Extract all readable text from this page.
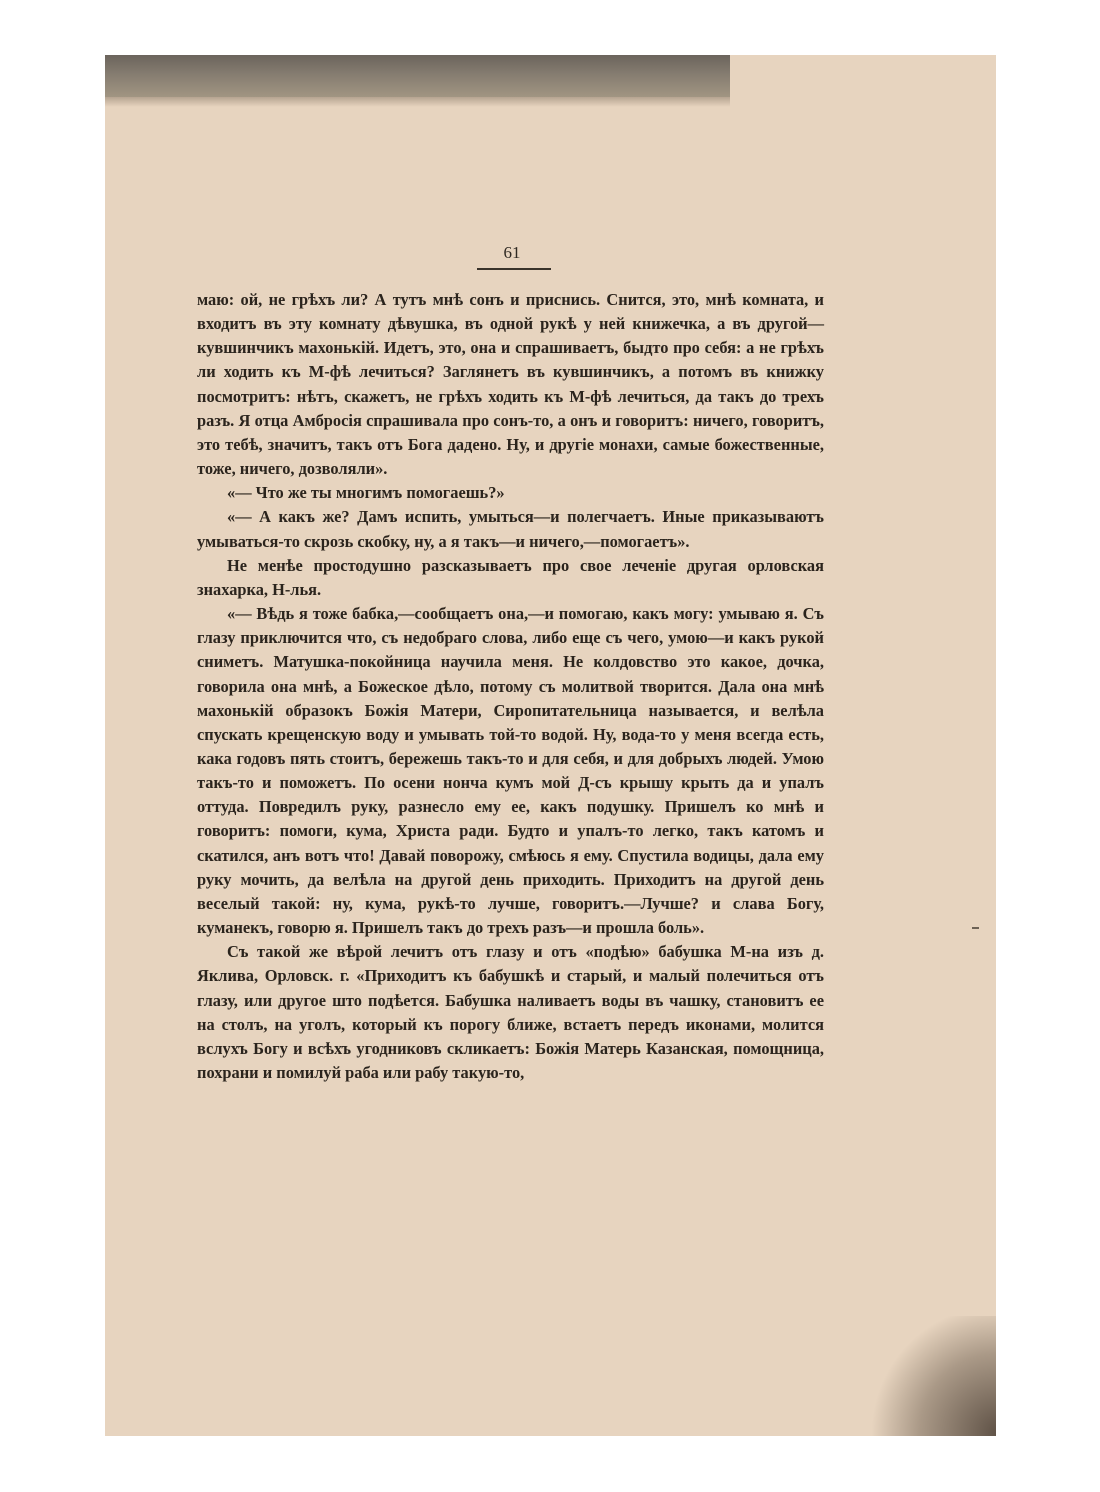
61

маю: ой, не грѣхъ ли? А тутъ мнѣ сонъ и приснись. Снится, это, мнѣ комната, и входитъ въ эту комнату дѣвушка, въ одной рукѣ у ней книжечка, а въ другой—кувшинчикъ махонькій. Идетъ, это, она и спрашиваетъ, быдто про себя: а не грѣхъ ли ходить къ М-фѣ лечиться? Заглянетъ въ кувшинчикъ, а потомъ въ книжку посмотритъ: нѣтъ, скажетъ, не грѣхъ ходить къ М-фѣ лечиться, да такъ до трехъ разъ. Я отца Амбросія спрашивала про сонъ-то, а онъ и говоритъ: ничего, говоритъ, это тебѣ, значитъ, такъ отъ Бога дадено. Ну, и другіе монахи, самые божественные, тоже, ничего, дозволяли».

«— Что же ты многимъ помогаешь?»

«— А какъ же? Дамъ испить, умыться—и полегчаетъ. Иные приказываютъ умываться-то скрозь скобку, ну, а я такъ—и ничего,—помогаетъ».

Не менѣе простодушно разсказываетъ про свое леченіе другая орловская знахарка, Н-лья.

«— Вѣдь я тоже бабка,—сообщаетъ она,—и помогаю, какъ могу: умываю я. Съ глазу приключится что, съ недобраго слова, либо еще съ чего, умою—и какъ рукой сниметъ. Матушка-покойница научила меня. Не колдовство это какое, дочка, говорила она мнѣ, а Божеское дѣло, потому съ молитвой творится. Дала она мнѣ махонькій образокъ Божія Матери, Сиропитательница называется, и велѣла спускать крещенскую воду и умывать той-то водой. Ну, вода-то у меня всегда есть, кака годовъ пять стоитъ, бережешь такъ-то и для себя, и для добрыхъ людей. Умою такъ-то и поможетъ. По осени нонча кумъ мой Д-съ крышу крыть да и упалъ оттуда. Повредилъ руку, разнесло ему ее, какъ подушку. Пришелъ ко мнѣ и говоритъ: помоги, кума, Христа ради. Будто и упалъ-то легко, такъ катомъ и скатился, анъ вотъ что! Давай поворожу, смѣюсь я ему. Спустила водицы, дала ему руку мочить, да велѣла на другой день приходить. Приходитъ на другой день веселый такой: ну, кума, рукѣ-то лучше, говоритъ.—Лучше? и слава Богу, куманекъ, говорю я. Пришелъ такъ до трехъ разъ—и прошла боль».

Съ такой же вѣрой лечитъ отъ глазу и отъ «подѣю» бабушка М-на изъ д. Яклива, Орловск. г. «Приходитъ къ бабушкѣ и старый, и малый полечиться отъ глазу, или другое што подѣется. Бабушка наливаетъ воды въ чашку, становитъ ее на столъ, на уголъ, который къ порогу ближе, встаетъ передъ иконами, молится вслухъ Богу и всѣхъ угодниковъ скликаетъ: Божія Матерь Казанская, помощница, похрани и помилуй раба или рабу такую-то,
